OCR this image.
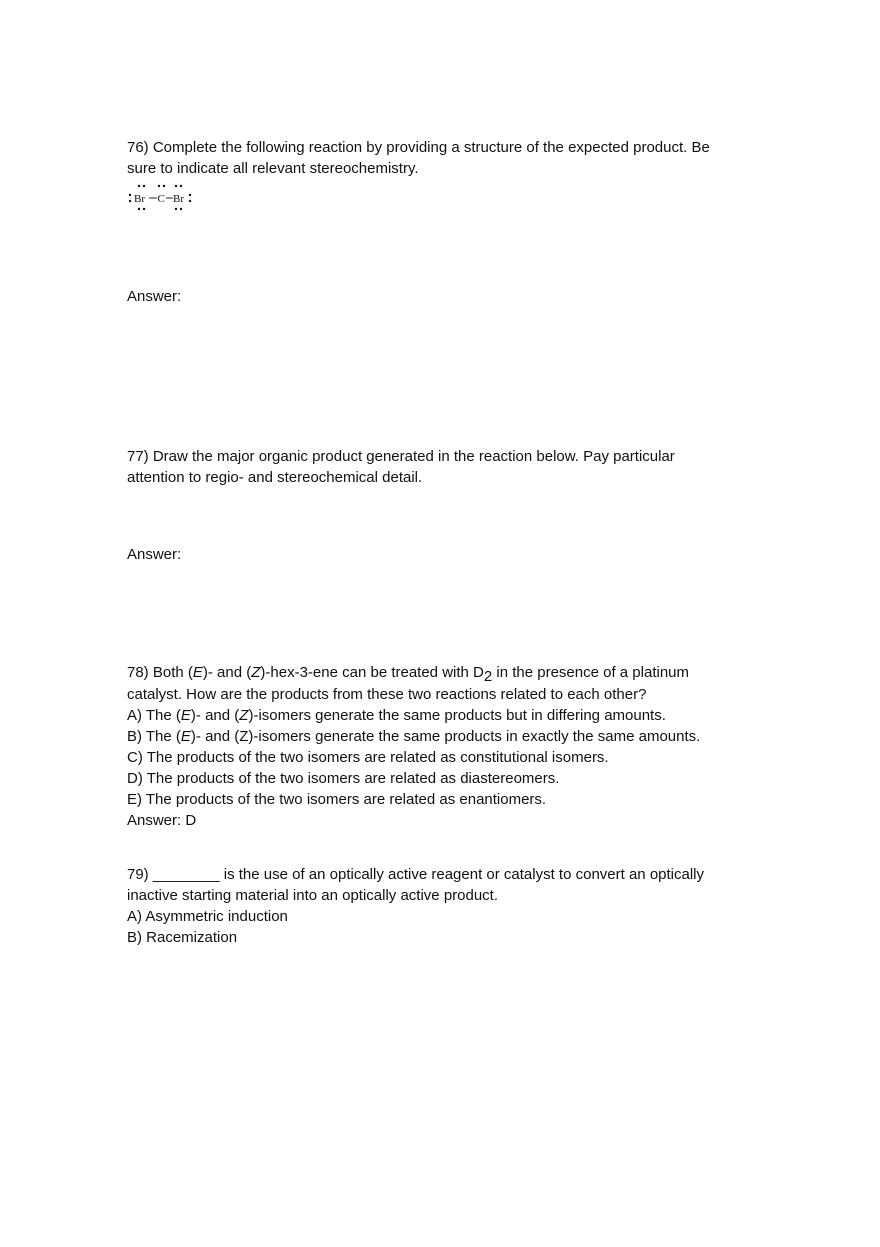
76) Complete the following reaction by providing a structure of the expected product. Be
sure to indicate all relevant stereochemistry.
Br C Br
Answer:
77) Draw the major organic product generated in the reaction below. Pay particular
attention to regio- and stereochemical detail.
Answer:
78) Both (E)- and (Z)-hex-3-ene can be treated with D2 in the presence of a platinum
catalyst. How are the products from these two reactions related to each other?
A) The (E)- and (Z)-isomers generate the same products but in differing amounts.
B) The (E)- and (Z)-isomers generate the same products in exactly the same amounts.
C) The products of the two isomers are related as constitutional isomers.
D) The products of the two isomers are related as diastereomers.
E) The products of the two isomers are related as enantiomers.
Answer: D
79) ________ is the use of an optically active reagent or catalyst to convert an optically
inactive starting material into an optically active product.
A) Asymmetric induction
B) Racemization
